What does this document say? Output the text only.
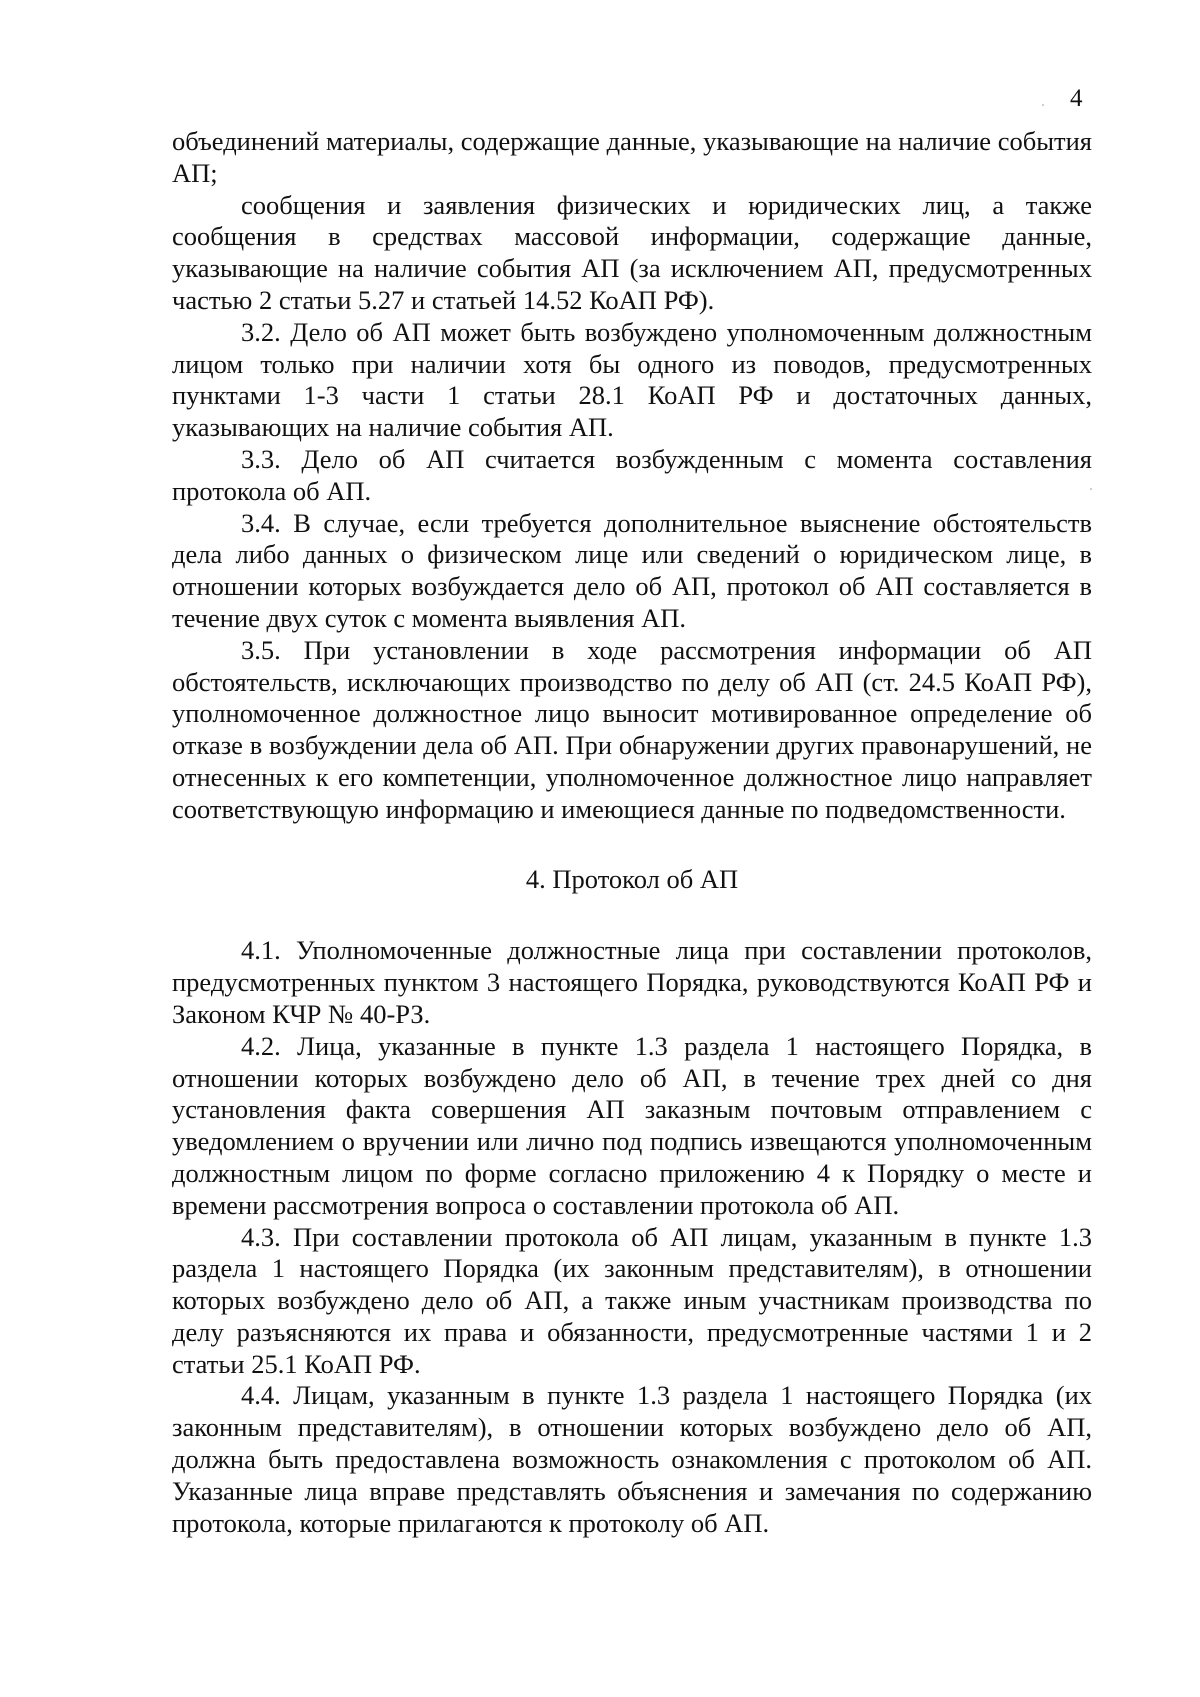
4

объединений материалы, содержащие данные, указывающие на наличие события АП;

сообщения и заявления физических и юридических лиц, а также сообщения в средствах массовой информации, содержащие данные, указывающие на наличие события АП (за исключением АП, предусмотренных частью 2 статьи 5.27 и статьей 14.52 КоАП РФ).

3.2. Дело об АП может быть возбуждено уполномоченным должностным лицом только при наличии хотя бы одного из поводов, предусмотренных пунктами 1-3 части 1 статьи 28.1 КоАП РФ и достаточных данных, указывающих на наличие события АП.

3.3. Дело об АП считается возбужденным с момента составления протокола об АП.

3.4. В случае, если требуется дополнительное выяснение обстоятельств дела либо данных о физическом лице или сведений о юридическом лице, в отношении которых возбуждается дело об АП, протокол об АП составляется в течение двух суток с момента выявления АП.

3.5. При установлении в ходе рассмотрения информации об АП обстоятельств, исключающих производство по делу об АП (ст. 24.5 КоАП РФ), уполномоченное должностное лицо выносит мотивированное определение об отказе в возбуждении дела об АП. При обнаружении других правонарушений, не отнесенных к его компетенции, уполномоченное должностное лицо направляет соответствующую информацию и имеющиеся данные по подведомственности.

4. Протокол об АП

4.1. Уполномоченные должностные лица при составлении протоколов, предусмотренных пунктом 3 настоящего Порядка, руководствуются КоАП РФ и Законом КЧР № 40-РЗ.

4.2. Лица, указанные в пункте 1.3 раздела 1 настоящего Порядка, в отношении которых возбуждено дело об АП, в течение трех дней со дня установления факта совершения АП заказным почтовым отправлением с уведомлением о вручении или лично под подпись извещаются уполномоченным должностным лицом по форме согласно приложению 4 к Порядку о месте и времени рассмотрения вопроса о составлении протокола об АП.

4.3. При составлении протокола об АП лицам, указанным в пункте 1.3 раздела 1 настоящего Порядка (их законным представителям), в отношении которых возбуждено дело об АП, а также иным участникам производства по делу разъясняются их права и обязанности, предусмотренные частями 1 и 2 статьи 25.1 КоАП РФ.

4.4. Лицам, указанным в пункте 1.3 раздела 1 настоящего Порядка (их законным представителям), в отношении которых возбуждено дело об АП, должна быть предоставлена возможность ознакомления с протоколом об АП. Указанные лица вправе представлять объяснения и замечания по содержанию протокола, которые прилагаются к протоколу об АП.
